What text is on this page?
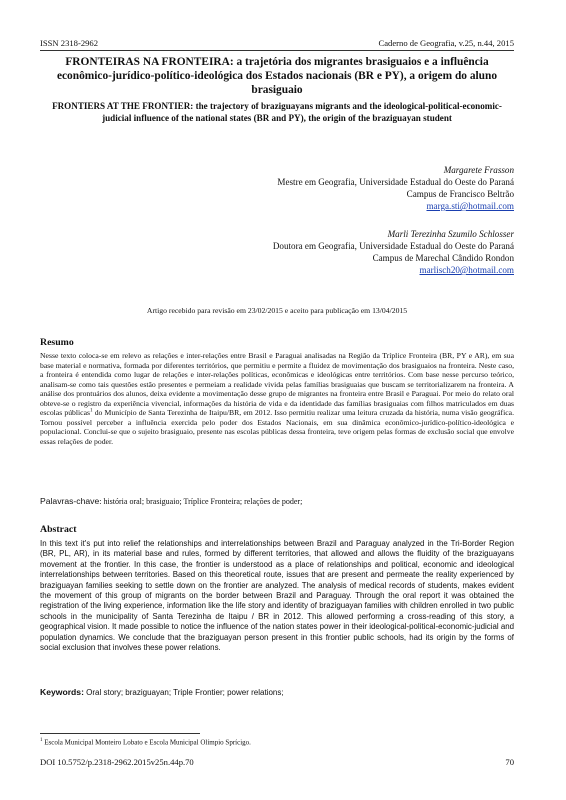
ISSN 2318-2962	Caderno de Geografia, v.25, n.44, 2015
FRONTEIRAS NA FRONTEIRA: a trajetória dos migrantes brasiguaios e a influência econômico-jurídico-político-ideológica dos Estados nacionais (BR e PY), a origem do aluno brasiguaio
FRONTIERS AT THE FRONTIER: the trajectory of braziguayans migrants and the ideological-political-economic-judicial influence of the national states (BR and PY), the origin of the braziguayan student
Margarete Frasson
Mestre em Geografia, Universidade Estadual do Oeste do Paraná
Campus de Francisco Beltrão
marga.sti@hotmail.com
Marli Terezinha Szumilo Schlosser
Doutora em Geografia, Universidade Estadual do Oeste do Paraná
Campus de Marechal Cândido Rondon
marlisch20@hotmail.com
Artigo recebido para revisão em 23/02/2015 e aceito para publicação em 13/04/2015
Resumo
Nesse texto coloca-se em relevo as relações e inter-relações entre Brasil e Paraguai analisadas na Região da Tríplice Fronteira (BR, PY e AR), em sua base material e normativa, formada por diferentes territórios, que permitiu e permite a fluidez de movimentação dos brasiguaios na fronteira. Neste caso, a fronteira é entendida como lugar de relações e inter-relações políticas, econômicas e ideológicas entre territórios. Com base nesse percurso teórico, analisam-se como tais questões estão presentes e permeiam a realidade vivida pelas famílias brasiguaias que buscam se territorializarem na fronteira. A análise dos prontuários dos alunos, deixa evidente a movimentação desse grupo de migrantes na fronteira entre Brasil e Paraguai. Por meio do relato oral obteve-se o registro da experiência vivencial, informações da história de vida e da identidade das famílias brasiguaias com filhos matriculados em duas escolas públicas$^1$ do Município de Santa Terezinha de Itaipu/BR, em 2012. Isso permitiu realizar uma leitura cruzada da história, numa visão geográfica. Tornou possível perceber a influência exercida pelo poder dos Estados Nacionais, em sua dinâmica econômico-jurídico-político-ideológica e populacional. Conclui-se que o sujeito brasiguaio, presente nas escolas públicas dessa fronteira, teve origem pelas formas de exclusão social que envolve essas relações de poder.
Palavras-chave: história oral; brasiguaio; Tríplice Fronteira; relações de poder;
Abstract
In this text it's put into relief the relationships and interrelationships between Brazil and Paraguay analyzed in the Tri-Border Region (BR, PL, AR), in its material base and rules, formed by different territories, that allowed and allows the fluidity of the braziguayans movement at the frontier. In this case, the frontier is understood as a place of relationships and political, economic and ideological interrelationships between territories. Based on this theoretical route, issues that are present and permeate the reality experienced by braziguayan families seeking to settle down on the frontier are analyzed. The analysis of medical records of students, makes evident the movement of this group of migrants on the border between Brazil and Paraguay. Through the oral report it was obtained the registration of the living experience, information like the life story and identity of braziguayan families with children enrolled in two public schools in the municipality of Santa Terezinha de Itaipu / BR in 2012. This allowed performing a cross-reading of this story, a geographical vision. It made possible to notice the influence of the nation states power in their ideological-political-economic-judicial and population dynamics. We conclude that the braziguayan person present in this frontier public schools, had its origin by the forms of social exclusion that involves these power relations.
Keywords: Oral story; braziguayan; Triple Frontier; power relations;
$^1$ Escola Municipal Monteiro Lobato e Escola Municipal Olímpio Sprícigo.
DOI 10.5752/p.2318-2962.2015v25n.44p.70	70
